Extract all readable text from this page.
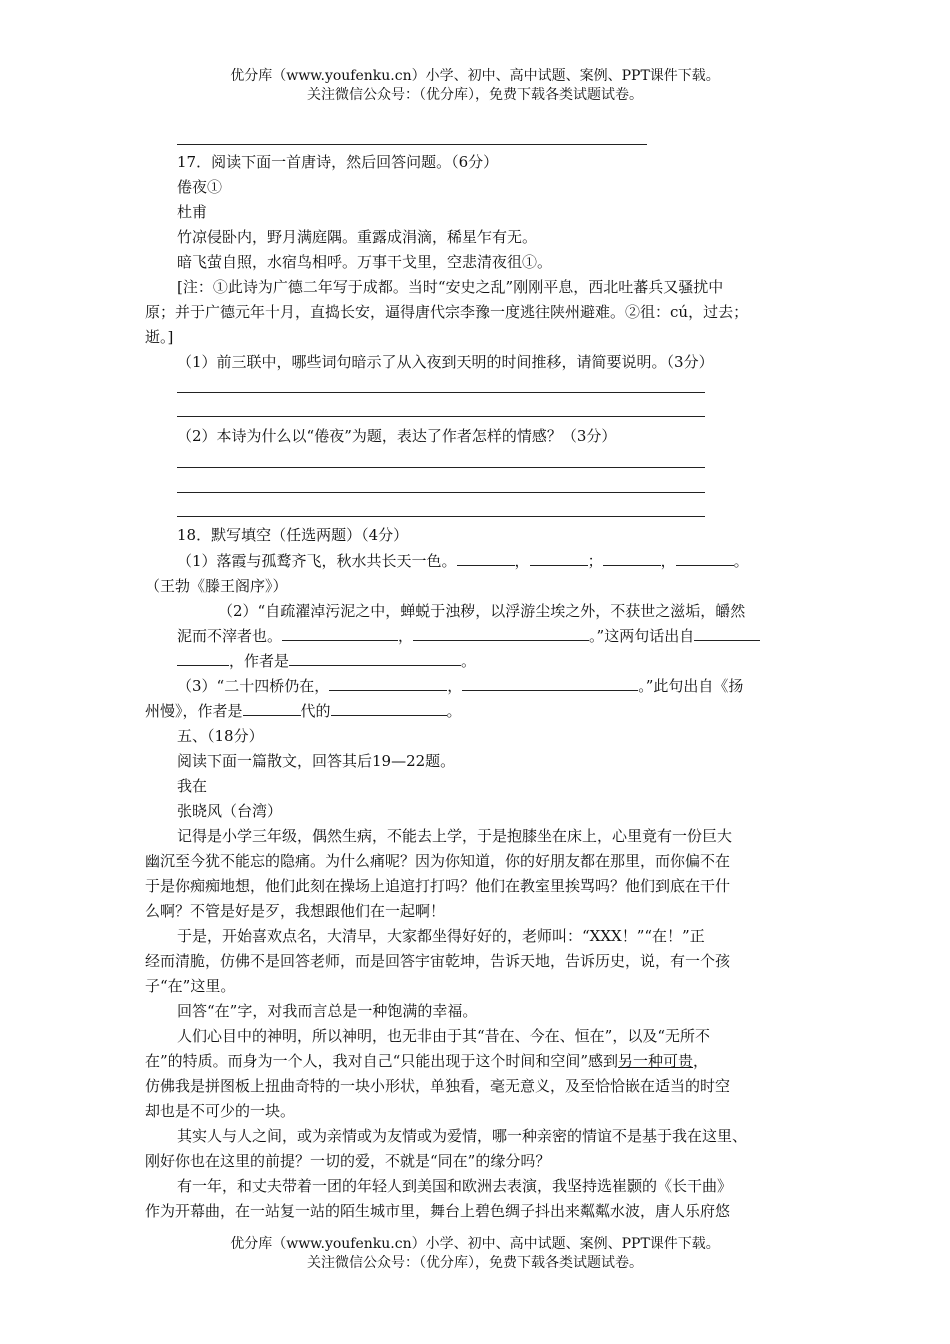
优分库（www.youfenku.cn）小学、初中、高中试题、案例、PPT课件下载。
关注微信公众号：（优分库），免费下载各类试题试卷。
17．阅读下面一首唐诗，然后回答问题。（6分）
倦夜①
杜甫
竹凉侵卧内，野月满庭隅。重露成涓滴，稀星乍有无。
暗飞萤自照，水宿鸟相呼。万事干戈里，空悲清夜徂①。
[注：①此诗为广德二年写于成都。当时“安史之乱”刚刚平息，西北吐蕃兵又骚扰中
原；并于广德元年十月，直捣长安，逼得唐代宗李豫一度逃往陕州避难。②徂：cú，过去；
逝。]
（1）前三联中，哪些词句暗示了从入夜到天明的时间推移，请简要说明。（3分）
（2）本诗为什么以“倦夜”为题，表达了作者怎样的情感？（3分）
18．默写填空（任选两题）（4分）
（1）落霞与孤鹜齐飞，秋水共长天一色。	，	；	，	。
（王勃《滕王阁序》）
（2）“自疏濯淖污泥之中，蝉蜕于浊秽，以浮游尘埃之外，不获世之滋垢，皭然
泥而不滓者也。	，	。”这两句话出自
，作者是	。
（3）“二十四桥仍在，	，	。”此句出自《扬
州慢》，作者是	代的	。
五、（18分）
阅读下面一篇散文，回答其后19—22题。
我在
张晓风（台湾）
记得是小学三年级，偶然生病，不能去上学，于是抱膝坐在床上，心里竟有一份巨大
幽沉至今犹不能忘的隐痛。为什么痛呢？因为你知道，你的好朋友都在那里，而你偏不在
于是你痴痴地想，他们此刻在操场上追逭打打吗？他们在教室里挨骂吗？他们到底在干什
么啊？不管是好是歹，我想跟他们在一起啊！
于是，开始喜欢点名，大清早，大家都坐得好好的，老师叫：“XXX！”“在！”正
经而清脆，仿佛不是回答老师，而是回答宇宙乾坤，告诉天地，告诉历史，说，有一个孩
子“在”这里。
回答“在”字，对我而言总是一种饱满的幸福。
人们心目中的神明，所以神明，也无非由于其“昔在、今在、恒在”，以及“无所不
在”的特质。而身为一个人，我对自己“只能出现于这个时间和空间”感到另一种可贵，
仿佛我是拼图板上扭曲奇特的一块小形状，单独看，毫无意义，及至恰恰嵌在适当的时空
却也是不可少的一块。
其实人与人之间，或为亲情或为友情或为爱情，哪一种亲密的情谊不是基于我在这里、
刚好你也在这里的前提？一切的爱，不就是“同在”的缘分吗？
有一年，和丈夫带着一团的年轻人到美国和欧洲去表演，我坚持选崔颢的《长干曲》
作为开幕曲，在一站复一站的陌生城市里，舞台上碧色绸子抖出来粼粼水波，唐人乐府悠
优分库（www.youfenku.cn）小学、初中、高中试题、案例、PPT课件下载。
关注微信公众号：（优分库），免费下载各类试题试卷。
